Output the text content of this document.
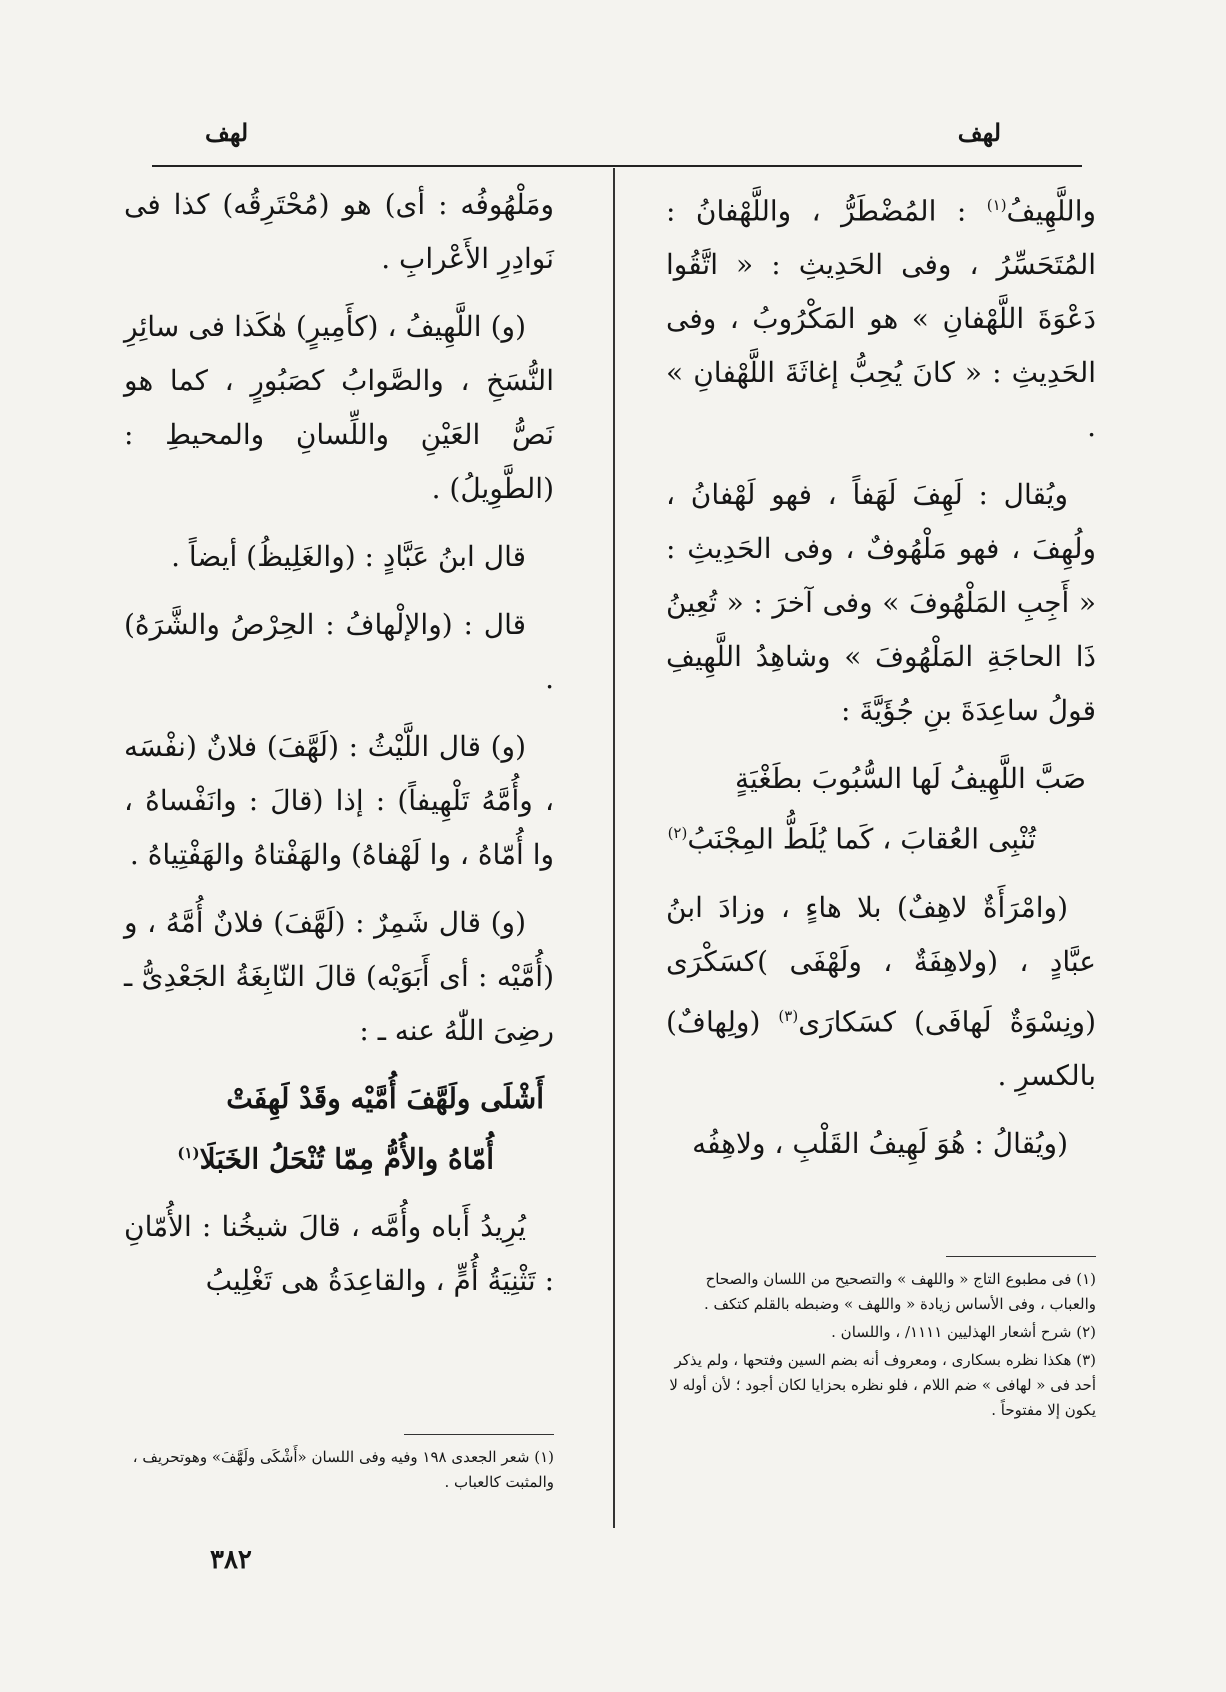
لهف
لهف

واللَّهِيفُ$^{(١)}$ : المُضْطَرُّ ، واللَّهْفانُ : المُتَحَسِّرُ ، وفى الحَدِيثِ : « اتَّقُوا دَعْوَةَ اللَّهْفانِ » هو المَكْرُوبُ ، وفى الحَدِيثِ : « كانَ يُحِبُّ إغاثَةَ اللَّهْفانِ » .

ويُقال : لَهِفَ لَهَفاً ، فهو لَهْفانُ ، ولُهِفَ ، فهو مَلْهُوفٌ ، وفى الحَدِيثِ : « أَجِبِ المَلْهُوفَ » وفى آخرَ : « تُعِينُ ذَا الحاجَةِ المَلْهُوفَ » وشاهِدُ اللَّهِيفِ قولُ ساعِدَةَ بنِ جُؤَيَّةَ :

صَبَّ اللَّهِيفُ لَها السُّبُوبَ بطَغْيَةٍ
تُنْبِى العُقابَ ، كَما يُلَطُّ المِجْنَبُ$^{(٢)}$

(وامْرَأَةٌ لاهِفٌ) بلا هاءٍ ، وزادَ ابنُ عبَّادٍ ، (ولاهِفَةٌ ، ولَهْفَى )كسَكْرَى (ونِسْوَةٌ لَهافَى) كسَكارَى$^{(٣)}$ (ولِهافٌ) بالكسرِ .

(ويُقالُ : هُوَ لَهِيفُ القَلْبِ ، ولاهِفُه

(١) فى مطبوع التاج « واللهف » والتصحيح من اللسان والصحاح والعباب ، وفى الأساس زيادة « واللهف » وضبطه بالقلم كتكف .

(٢) شرح أشعار الهذليين ١١١١/ ، واللسان .

(٣) هكذا نظره بسكارى ، ومعروف أنه بضم السين وفتحها ، ولم يذكر أحد فى « لهافى » ضم اللام ، فلو نظره بحزايا لكان أجود ؛ لأن أوله لا يكون إلا مفتوحاً .

ومَلْهُوفُه : أى) هو (مُحْتَرِقُه) كذا فى نَوادِرِ الأَعْرابِ .

(و) اللَّهِيفُ ، (كأَمِيرٍ) هٰكَذا فى سائِرِ النُّسَخِ ، والصَّوابُ كصَبُورٍ ، كما هو نَصُّ العَيْنِ واللِّسانِ والمحيطِ : (الطَّوِيلُ) .

قال ابنُ عَبَّادٍ : (والغَلِيظُ) أيضاً .

قال : (والإلْهافُ : الحِرْصُ والشَّرَهُ) .

(و) قال اللَّيْثُ : (لَهَّفَ) فلانٌ (نفْسَه ، وأُمَّهُ تَلْهِيفاً) : إذا (قالَ : وانَفْساهُ ، وا أُمّاهُ ، وا لَهْفاهُ) والهَفْتاهُ والهَفْتِياهُ .

(و) قال شَمِرٌ : (لَهَّفَ) فلانٌ أُمَّهُ ، و (أُمَّيْه : أى أَبَوَيْه) قالَ النّابِغَةُ الجَعْدِىُّ ـ رضِىَ اللّٰهُ عنه ـ :

أَشْلَى ولَهَّفَ أُمَّيْه وقَدْ لَهِفَتْ
أُمّاهُ والأُمُّ مِمّا تُنْحَلُ الخَبَلَا$^{(١)}$

يُرِيدُ أَباه وأُمَّه ، قالَ شيخُنا : الأُمّانِ : تَثْنِيَةُ أُمٍّ ، والقاعِدَةُ هى تَغْلِيبُ

(١) شعر الجعدى ١٩٨ وفيه وفى اللسان «أَشْكَى ولَهَّفَ» وهوتحريف ، والمثبت كالعباب .

٣٨٢
